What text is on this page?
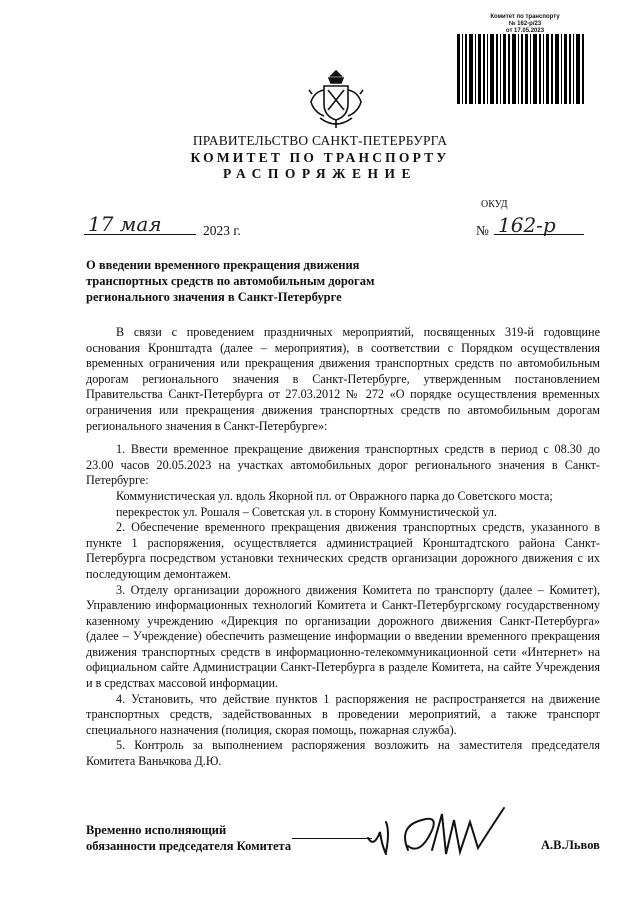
Комитет по транспорту
№ 162-р/23
от 17.05.2023
ПРАВИТЕЛЬСТВО САНКТ-ПЕТЕРБУРГА
КОМИТЕТ ПО ТРАНСПОРТУ
РАСПОРЯЖЕНИЕ
ОКУД
17 мая	2023 г.	№ 162-р
О введении временного прекращения движения транспортных средств по автомобильным дорогам регионального значения в Санкт-Петербурге

В связи с проведением праздничных мероприятий, посвященных 319-й годовщине основания Кронштадта (далее – мероприятия), в соответствии с Порядком осуществления временных ограничения или прекращения движения транспортных средств по автомобильным дорогам регионального значения в Санкт-Петербурге, утвержденным постановлением Правительства Санкт-Петербурга от 27.03.2012 № 272 «О порядке осуществления временных ограничения или прекращения движения транспортных средств по автомобильным дорогам регионального значения в Санкт-Петербурге»:

1. Ввести временное прекращение движения транспортных средств в период с 08.30 до 23.00 часов 20.05.2023 на участках автомобильных дорог регионального значения в Санкт-Петербурге:

Коммунистическая ул. вдоль Якорной пл. от Овражного парка до Советского моста;

перекресток ул. Рошаля – Советская ул. в сторону Коммунистической ул.

2. Обеспечение временного прекращения движения транспортных средств, указанного в пункте 1 распоряжения, осуществляется администрацией Кронштадтского района Санкт-Петербурга посредством установки технических средств организации дорожного движения с их последующим демонтажем.

3. Отделу организации дорожного движения Комитета по транспорту (далее – Комитет), Управлению информационных технологий Комитета и Санкт-Петербургскому государственному казенному учреждению «Дирекция по организации дорожного движения Санкт-Петербурга» (далее – Учреждение) обеспечить размещение информации о введении временного прекращения движения транспортных средств в информационно-телекоммуникационной сети «Интернет» на официальном сайте Администрации Санкт-Петербурга в разделе Комитета, на сайте Учреждения и в средствах массовой информации.

4. Установить, что действие пунктов 1 распоряжения не распространяется на движение транспортных средств, задействованных в проведении мероприятий, а также транспорт специального назначения (полиция, скорая помощь, пожарная служба).

5. Контроль за выполнением распоряжения возложить на заместителя председателя Комитета Ваньчкова Д.Ю.

Временно исполняющий
обязанности председателя Комитета	А.В.Львов
